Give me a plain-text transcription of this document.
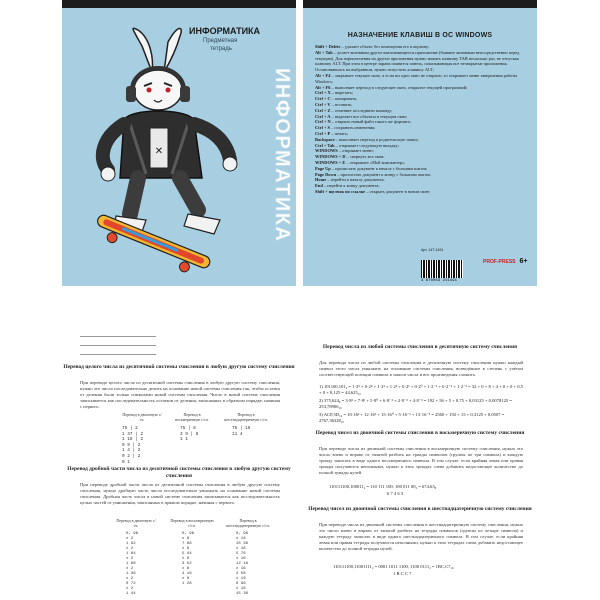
✕
ИНФОРМАТИКА
Предметная
тетрадь
ИНФОРМАТИКА
НАЗНАЧЕНИЕ КЛАВИШ В ОС WINDOWS
Shift + Delete – удаляет объект без помещения его в корзину;
Alt + Tab – делает активным другое выполняющееся приложение (бывшее активным непосредственно перед текущим). Для переключения на другие приложения нужно нажать клавишу TAB несколько раз, не отпуская клавишу ALT. При этом в центре экрана появится панель, показывающая все незакрытые приложения. Остановившись на выбранном, нужно отпустить клавишу ALT;
Alt + F4 – закрывает текущее окно, а если ни одно окно не открыто, то открывает меню завершения работы Windows;
Alt + F6 – выполняет переход в следующее окно, открытое текущей программой;
Ctrl + X – вырезать;
Ctrl + C – копировать;
Ctrl + V – вставить;
Ctrl + Z – отменяет последнюю команду;
Ctrl + A – выделяет все объекты в текущем окне;
Ctrl + N – открыть новый файл такого же формата;
Ctrl + S – сохранить изменения;
Ctrl + P – печать;
Backspace – выполняет переход в родительскую папку;
Ctrl + Tab – открывает следующую вкладку;
WINDOWS – открывает меню;
WINDOWS + D – свернуть все окна;
WINDOWS + E – открывает «Мой компьютер»;
Page Up – пролистать документ к началу с большим шагом;
Page Down – пролистать документ к концу с большим шагом;
Home – перейти к началу документа;
End – перейти к концу документа;
Shift + щелчок по ссылке – открыть документ в новом окне;
4 670059 211491
Арт. 14Т-1491
PROF-PRESS 6+
Перевод целого числа из десятичной системы счисления в любую другую систему счисления
При переводе целого числа из десятичной системы счисления в любую другую систему счисления, нужно это число последовательно делить на основание новой системы счисления так, чтобы остатки от деления были только символами новой системы счисления. Число в новой системе счисления записывается как последовательность остатков от деления, записанных в обратном порядке, начиная с первого.
Перевод в двоичную с/сч.
Перевод в восьмеричную с/сч.
Перевод в шестнадцатеричную с/сч.
75 | 2
1 37 | 2
1 18 | 2
0 9 | 2
1 4 | 2
0 2 | 2
0 1
75 | 8
3 9 | 8
1 1
75 | 16
11 4
Перевод дробной части числа из десятичной системы счисления в любую другую систему счисления
При переводе дробной части числа из десятичной системы счисления в любую другую систему счисления, нужно дробную часть числа последовательно умножать на основание новой системы счисления. Дробная часть числа в новой системе счисления записывается как последовательность целых частей от умножения, записанных в прямом порядке, начиная с первого.
Перевод в двоичную с/сч.
Перевод в восьмеричную с/сч.
Перевод в шестнадцатеричную с/сч.
0, 96
x 2
1 92
x 2
1 84
x 2
1 68
x 2
1 36
x 2
0 72
x 2
1 44
0, 96
x 8
7 68
x 8
5 44
x 8
3 52
x 8
4 16
x 8
1 28
0, 96
x 16
15 36
x 16
5 76
x 16
12 16
x 16
2 56
x 16
8 96
x 16
15 36
Перевод числа из любой системы счисления в десятичную систему счисления
Для перевода числа из любой системы счисления в десятичную систему счисления нужно каждый символ этого числа умножить на основание системы счисления, возведённое в степень с учётом соответствующей позиции символа в записи числа и все произведения сложить.
1) 101100,101₂ = 1·2⁵ + 0·2⁴ + 1·2³ + 1·2² + 0·2¹ + 0·2⁰ + 1·2⁻¹ + 0·2⁻² + 1·2⁻³ = 32 + 0 + 8 + 4 + 0 + 0 + 0,5 + 0 + 0,125 = 44,625₁₀
2) 375,624₈ = 3·8² + 7·8¹ + 5·8⁰ + 6·8⁻¹ + 2·8⁻² + 4·8⁻³ = 192 + 56 + 5 + 0,75 + 0,03125 + 0,0078125 = 253,78906₁₀
3) ACF,5D₁₆ = 10·16² + 12·16¹ + 15·16⁰ + 5·16⁻¹ + 13·16⁻² = 2560 + 192 + 15 + 0,3125 + 0,0507 = 2767,36328₁₀
Перевод чисел из двоичной системы счисления в восьмеричную систему счисления
При переводе числа из двоичной системы счисления в восьмеричную систему счисления, нужно это число влево и вправо от запятой разбить на триады символов (группы по три символа) и каждую триаду записать в виде одного восьмеричного символа. В том случае, если крайняя левая или правая триады получаются неполными, нужно к этих триадах слева добавить недостающее количество до полной триады нулей.
110111100,100011₂ = 110 111 100, 100 011 00₂ = 674,63₈
6 7 4 6 3
Перевод чисел из двоичной системы счисления в шестнадцатеричную систему счисления
При переводе числа из двоичной системы счисления в шестнадцатеричную систему счисления, нужно это число влево и вправо от запятой разбить на тетрады символов (группы по четыре символа) и каждую тетраду записать в виде одного шестнадцатеричного символа. В том случае, если крайняя левая или правая тетрады получаются неполными, нужно к этих тетрадах слева добавить недостающее количество до полной тетрады нулей.
110111100,11001111₂ = 0001 1011 1100, 1100 0111₂ = 1BC,C7₁₆
1 B C C 7
